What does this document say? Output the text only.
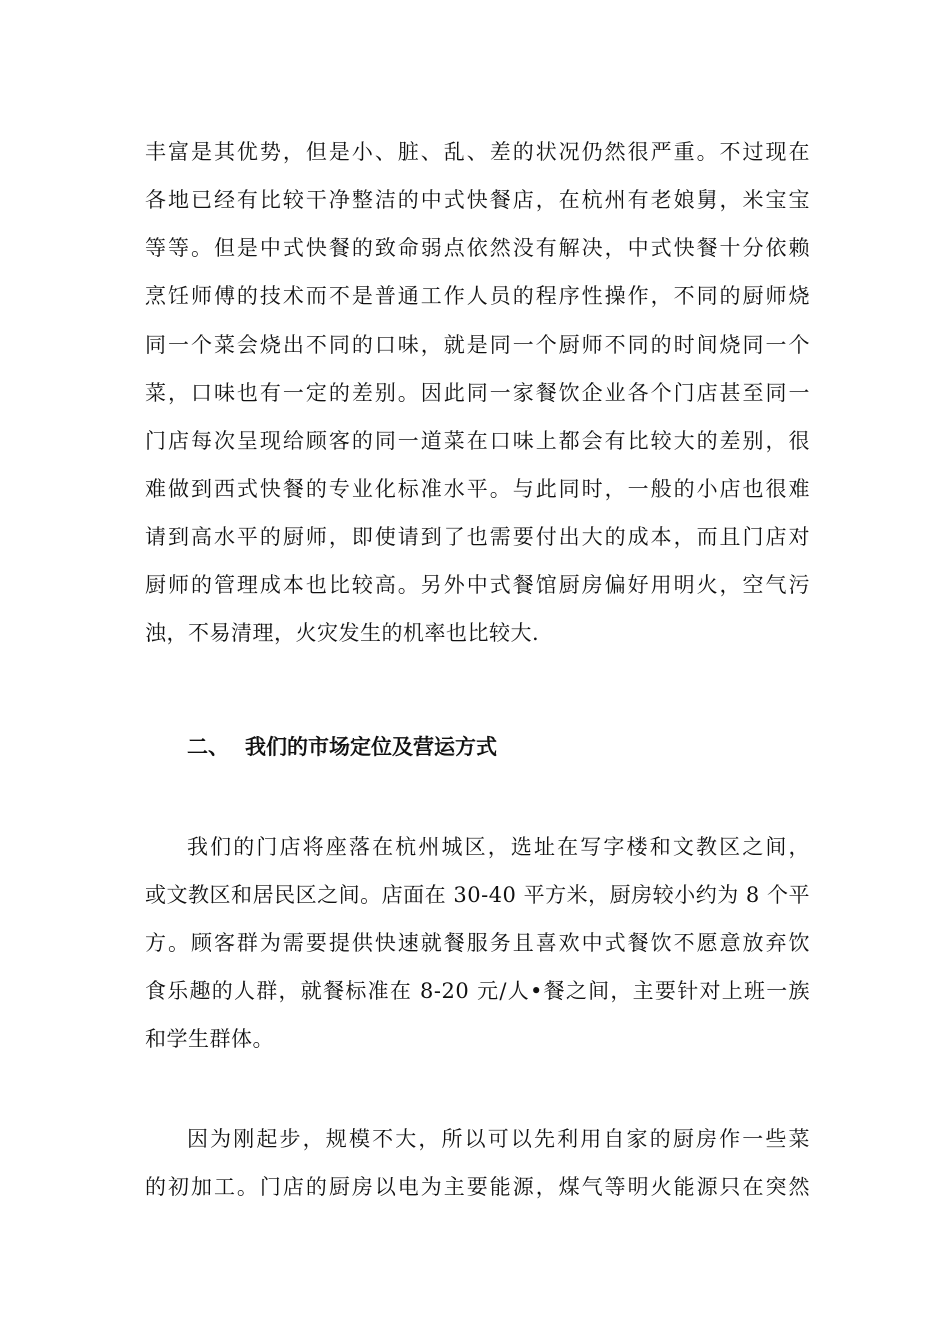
丰富是其优势，但是小、脏、乱、差的状况仍然很严重。不过现在
各地已经有比较干净整洁的中式快餐店，在杭州有老娘舅，米宝宝
等等。但是中式快餐的致命弱点依然没有解决，中式快餐十分依赖
烹饪师傅的技术而不是普通工作人员的程序性操作，不同的厨师烧
同一个菜会烧出不同的口味，就是同一个厨师不同的时间烧同一个
菜，口味也有一定的差别。因此同一家餐饮企业各个门店甚至同一
门店每次呈现给顾客的同一道菜在口味上都会有比较大的差别，很
难做到西式快餐的专业化标准水平。与此同时，一般的小店也很难
请到高水平的厨师，即使请到了也需要付出大的成本，而且门店对
厨师的管理成本也比较高。另外中式餐馆厨房偏好用明火，空气污
浊，不易清理，火灾发生的机率也比较大.
二、 我们的市场定位及营运方式
我们的门店将座落在杭州城区，选址在写字楼和文教区之间，
或文教区和居民区之间。店面在 30-40 平方米，厨房较小约为 8 个平
方。顾客群为需要提供快速就餐服务且喜欢中式餐饮不愿意放弃饮
食乐趣的人群，就餐标准在 8-20 元/人•餐之间，主要针对上班一族
和学生群体。
因为刚起步，规模不大，所以可以先利用自家的厨房作一些菜
的初加工。门店的厨房以电为主要能源，煤气等明火能源只在突然
